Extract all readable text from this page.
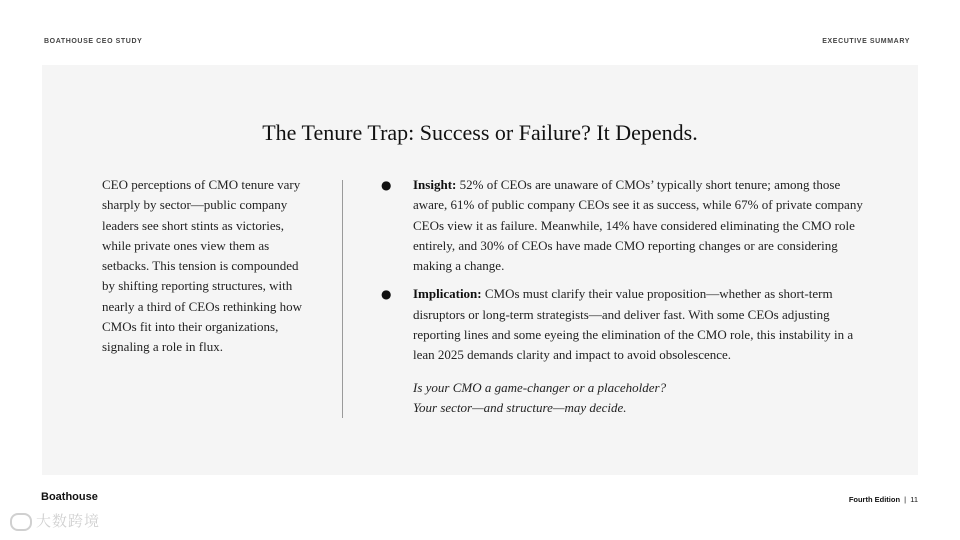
BOATHOUSE CEO STUDY	EXECUTIVE SUMMARY
The Tenure Trap: Success or Failure? It Depends.
CEO perceptions of CMO tenure vary sharply by sector—public company leaders see short stints as victories, while private ones view them as setbacks. This tension is compounded by shifting reporting structures, with nearly a third of CEOs rethinking how CMOs fit into their organizations, signaling a role in flux.
● Insight: 52% of CEOs are unaware of CMOs’ typically short tenure; among those aware, 61% of public company CEOs see it as success, while 67% of private company CEOs view it as failure. Meanwhile, 14% have considered eliminating the CMO role entirely, and 30% of CEOs have made CMO reporting changes or are considering making a change.
● Implication: CMOs must clarify their value proposition—whether as short-term disruptors or long-term strategists—and deliver fast. With some CEOs adjusting reporting lines and some eyeing the elimination of the CMO role, this instability in a lean 2025 demands clarity and impact to avoid obsolescence.
Is your CMO a game-changer or a placeholder?
Your sector—and structure—may decide.
Boathouse	Fourth Edition | 11
大数跨境
